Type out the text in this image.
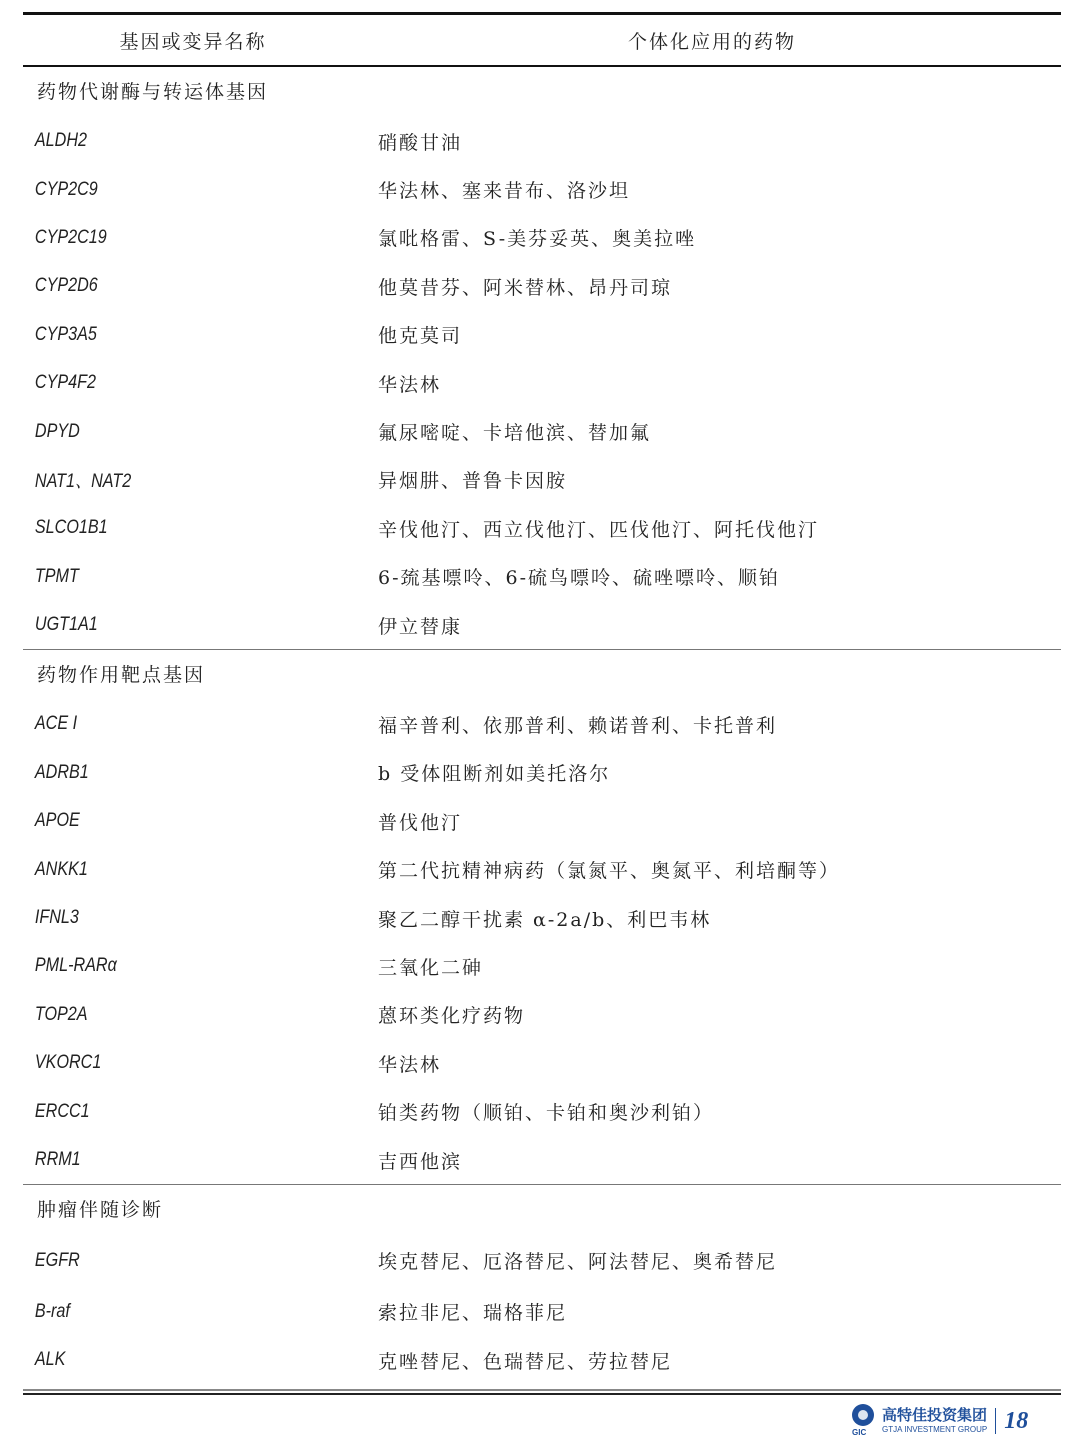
基因或变异名称	个体化应用的药物
药物代谢酶与转运体基因
ALDH2	硝酸甘油
CYP2C9	华法林、塞来昔布、洛沙坦
CYP2C19	氯吡格雷、S-美芬妥英、奥美拉唑
CYP2D6	他莫昔芬、阿米替林、昂丹司琼
CYP3A5	他克莫司
CYP4F2	华法林
DPYD	氟尿嘧啶、卡培他滨、替加氟
NAT1、NAT2	异烟肼、普鲁卡因胺
SLCO1B1	辛伐他汀、西立伐他汀、匹伐他汀、阿托伐他汀
TPMT	6-巯基嘌呤、6-硫鸟嘌呤、硫唑嘌呤、顺铂
UGT1A1	伊立替康
药物作用靶点基因
ACE I	福辛普利、依那普利、赖诺普利、卡托普利
ADRB1	b 受体阻断剂如美托洛尔
APOE	普伐他汀
ANKK1	第二代抗精神病药（氯氮平、奥氮平、利培酮等）
IFNL3	聚乙二醇干扰素 α-2a/b、利巴韦林
PML-RARα	三氧化二砷
TOP2A	蒽环类化疗药物
VKORC1	华法林
ERCC1	铂类药物（顺铂、卡铂和奥沙利铂）
RRM1	吉西他滨
肿瘤伴随诊断
EGFR	埃克替尼、厄洛替尼、阿法替尼、奥希替尼
B-raf	索拉非尼、瑞格菲尼
ALK	克唑替尼、色瑞替尼、劳拉替尼
GIC
高特佳投资集团
GTJA INVESTMENT GROUP 18
